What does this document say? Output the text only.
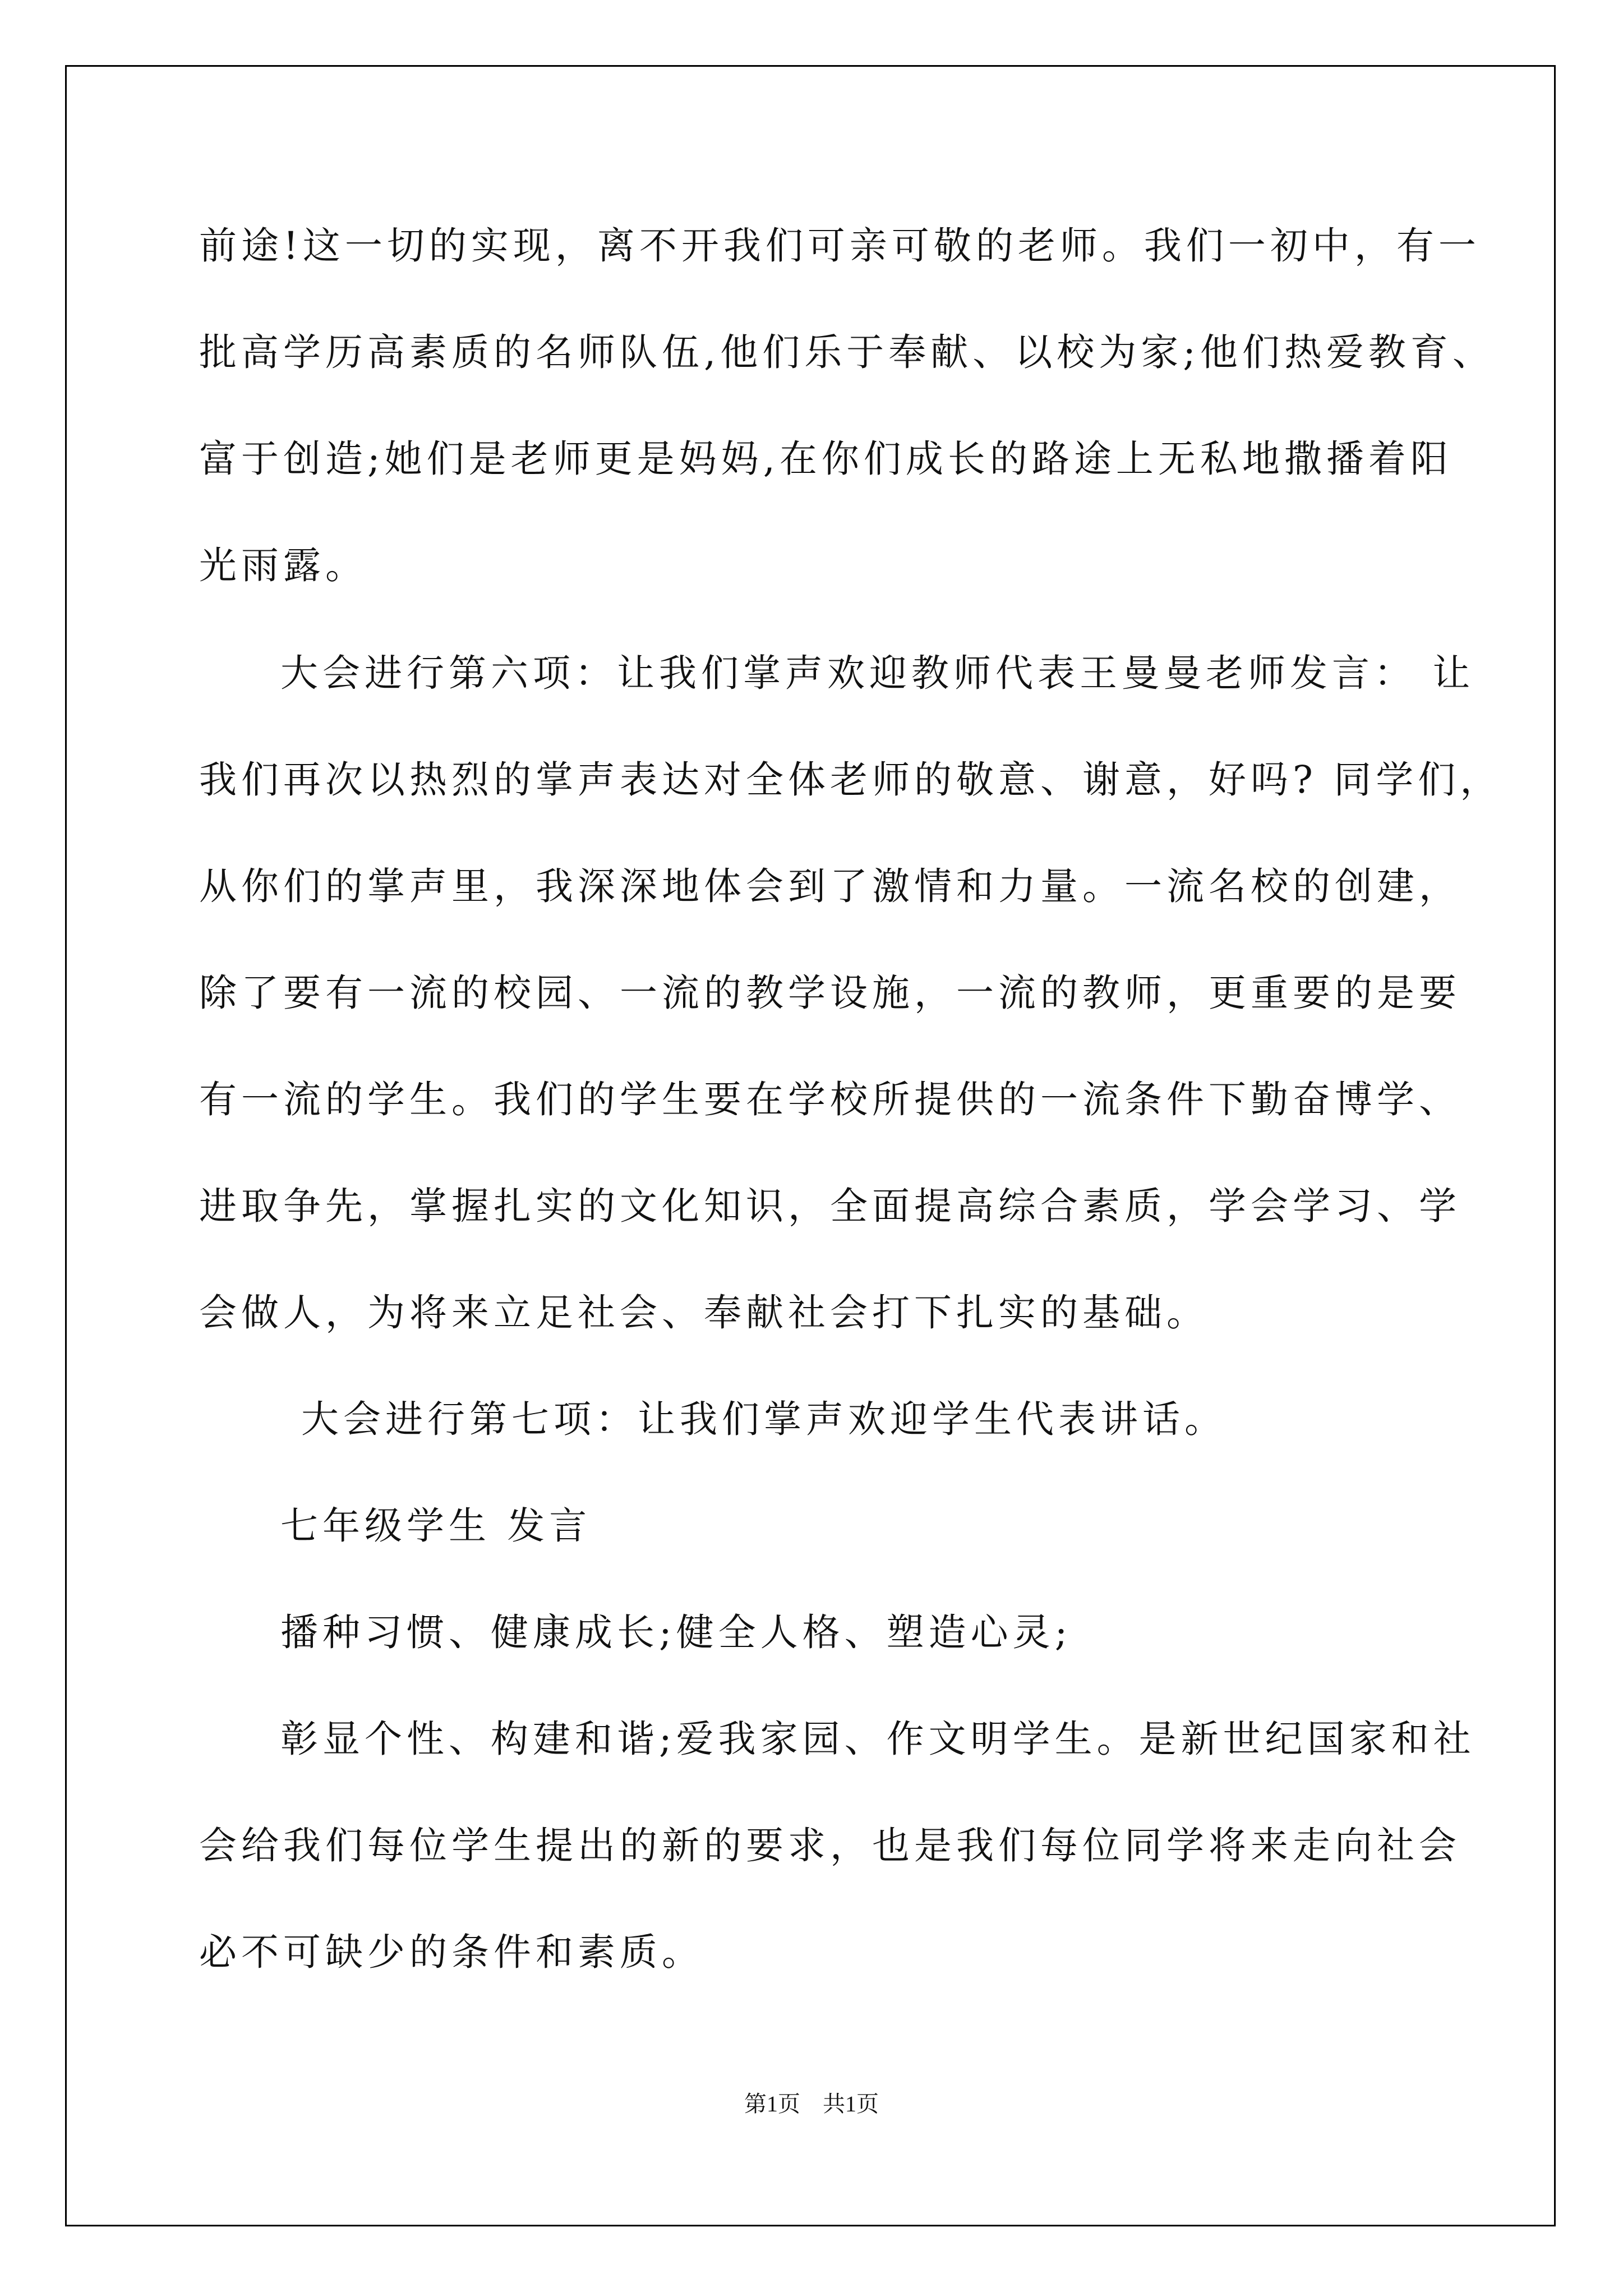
前途!这一切的实现，离不开我们可亲可敬的老师。我们一初中，有一
批高学历高素质的名师队伍,他们乐于奉献、以校为家;他们热爱教育、
富于创造;她们是老师更是妈妈,在你们成长的路途上无私地撒播着阳
光雨露。
大会进行第六项：让我们掌声欢迎教师代表王曼曼老师发言： 让
我们再次以热烈的掌声表达对全体老师的敬意、谢意，好吗? 同学们，
从你们的掌声里，我深深地体会到了激情和力量。一流名校的创建，
除了要有一流的校园、一流的教学设施，一流的教师，更重要的是要
有一流的学生。我们的学生要在学校所提供的一流条件下勤奋博学、
进取争先，掌握扎实的文化知识，全面提高综合素质，学会学习、学
会做人，为将来立足社会、奉献社会打下扎实的基础。
大会进行第七项：让我们掌声欢迎学生代表讲话。
七年级学生 发言
播种习惯、健康成长;健全人格、塑造心灵;
彰显个性、构建和谐;爱我家园、作文明学生。是新世纪国家和社
会给我们每位学生提出的新的要求，也是我们每位同学将来走向社会
必不可缺少的条件和素质。
第1页 共1页
